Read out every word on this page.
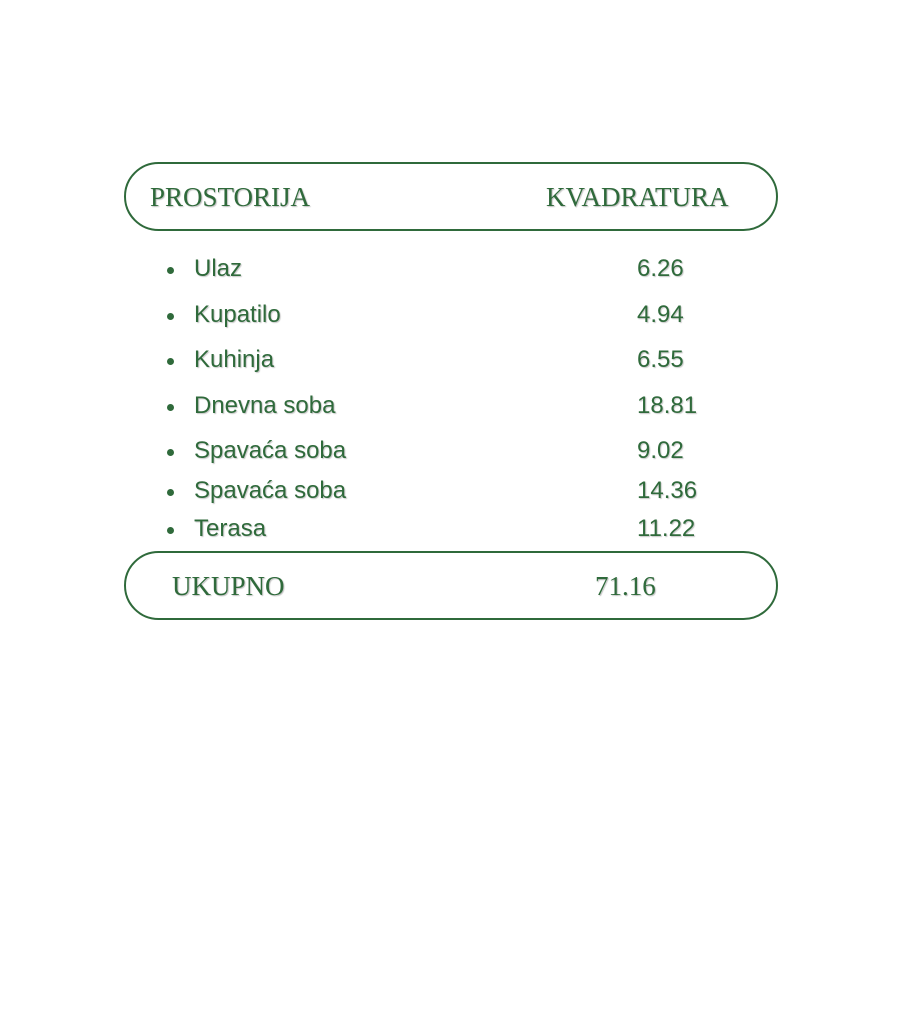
PROSTORIJA	KVADRATURA
Ulaz	6.26
Kupatilo	4.94
Kuhinja	6.55
Dnevna soba	18.81
Spavaća soba	9.02
Spavaća soba	14.36
Terasa	11.22
UKUPNO	71.16
